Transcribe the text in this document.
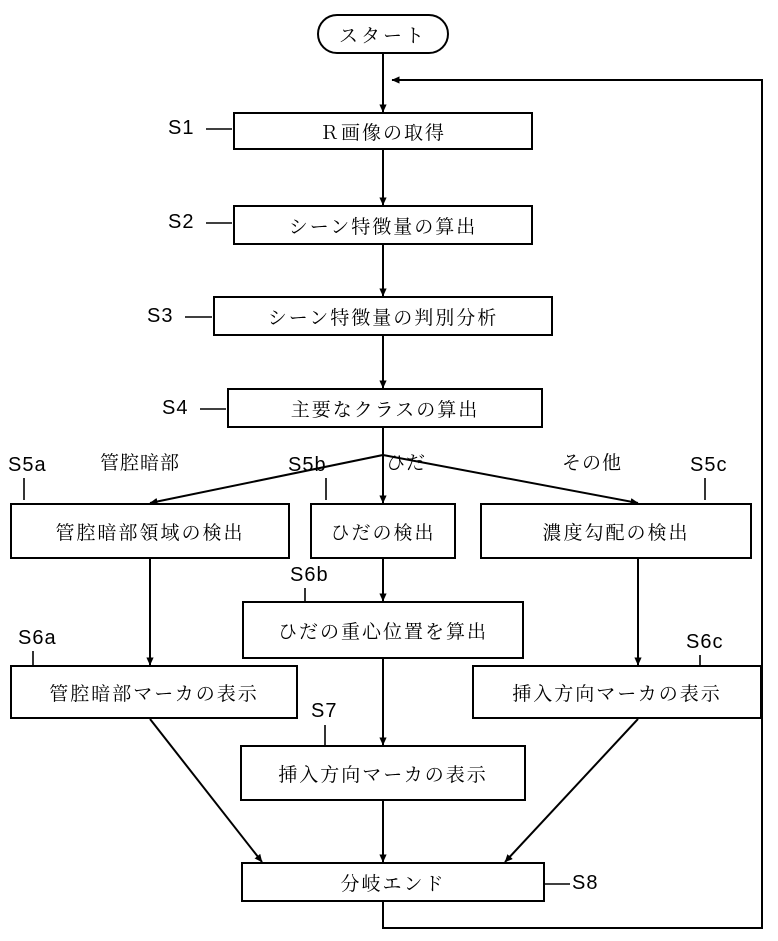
スタート
Ｒ画像の取得
シーン特徴量の算出
シーン特徴量の判別分析
主要なクラスの算出
管腔暗部領域の検出	ひだの検出	濃度勾配の検出
ひだの重心位置を算出
管腔暗部マーカの表示	挿入方向マーカの表示
挿入方向マーカの表示
分岐エンド
S1
S2
S3
S4
S5a	S5b	S5c
S6b
S6a	S6c
S7
S8
管腔暗部	ひだ	その他
